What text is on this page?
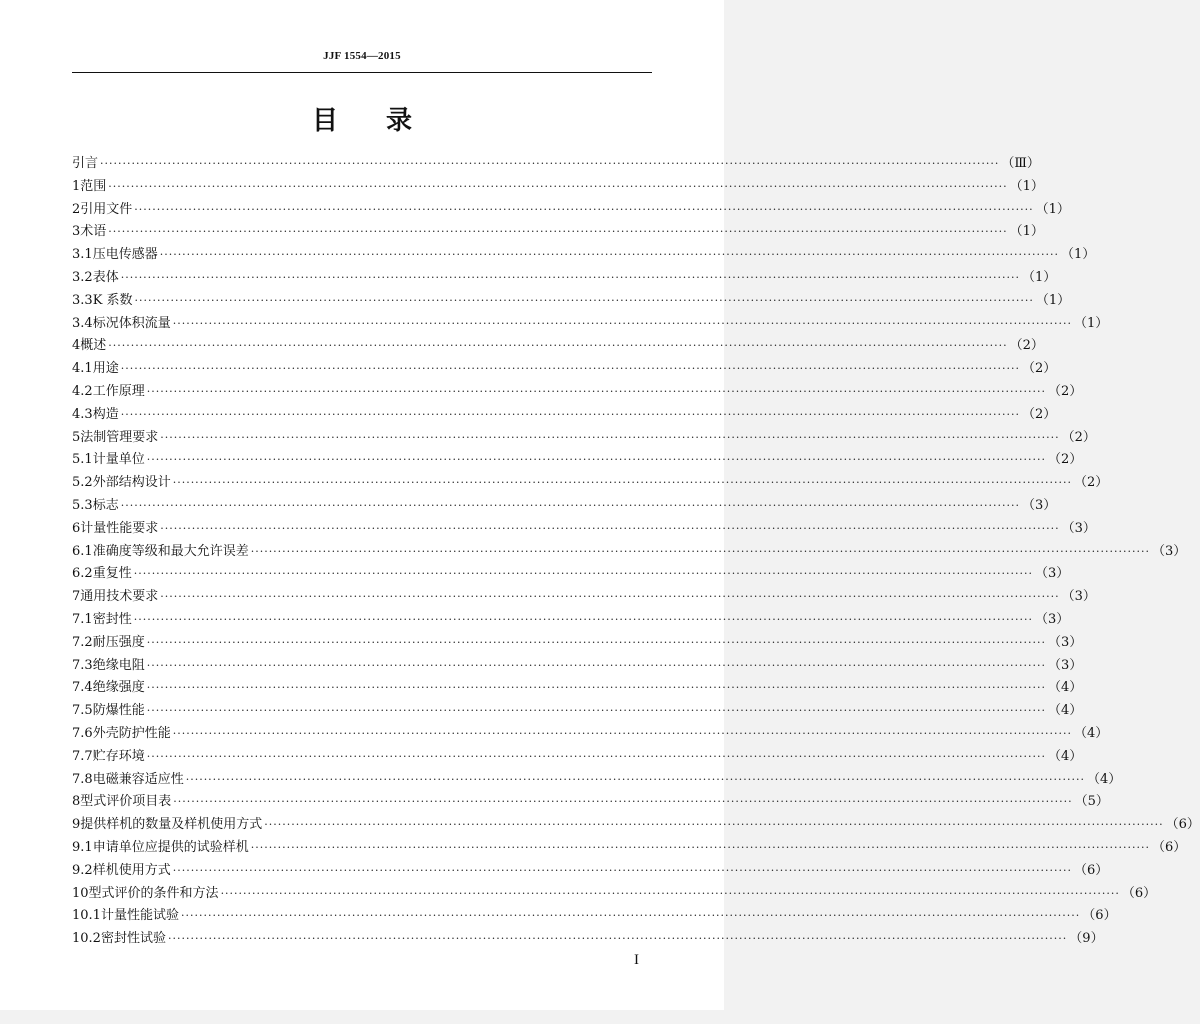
JJF 1554—2015
目 录
引言 ········································································································································································································ （Ⅲ）
1 范围 ········································································································································································································ （1）
2 引用文件 ········································································································································································································ （1）
3 术语 ········································································································································································································ （1）
3.1 压电传感器 ········································································································································································································ （1）
3.2 表体 ········································································································································································································ （1）
3.3 K 系数 ········································································································································································································ （1）
3.4 标况体积流量 ········································································································································································································ （1）
4 概述 ········································································································································································································ （2）
4.1 用途 ········································································································································································································ （2）
4.2 工作原理 ········································································································································································································ （2）
4.3 构造 ········································································································································································································ （2）
5 法制管理要求 ········································································································································································································ （2）
5.1 计量单位 ········································································································································································································ （2）
5.2 外部结构设计 ········································································································································································································ （2）
5.3 标志 ········································································································································································································ （3）
6 计量性能要求 ········································································································································································································ （3）
6.1 准确度等级和最大允许误差 ········································································································································································································ （3）
6.2 重复性 ········································································································································································································ （3）
7 通用技术要求 ········································································································································································································ （3）
7.1 密封性 ········································································································································································································ （3）
7.2 耐压强度 ········································································································································································································ （3）
7.3 绝缘电阻 ········································································································································································································ （3）
7.4 绝缘强度 ········································································································································································································ （4）
7.5 防爆性能 ········································································································································································································ （4）
7.6 外壳防护性能 ········································································································································································································ （4）
7.7 贮存环境 ········································································································································································································ （4）
7.8 电磁兼容适应性 ········································································································································································································ （4）
8 型式评价项目表 ········································································································································································································ （5）
9 提供样机的数量及样机使用方式 ········································································································································································································ （6）
9.1 申请单位应提供的试验样机 ········································································································································································································ （6）
9.2 样机使用方式 ········································································································································································································ （6）
10 型式评价的条件和方法 ········································································································································································································ （6）
10.1 计量性能试验 ········································································································································································································ （6）
10.2 密封性试验 ········································································································································································································ （9）
I
